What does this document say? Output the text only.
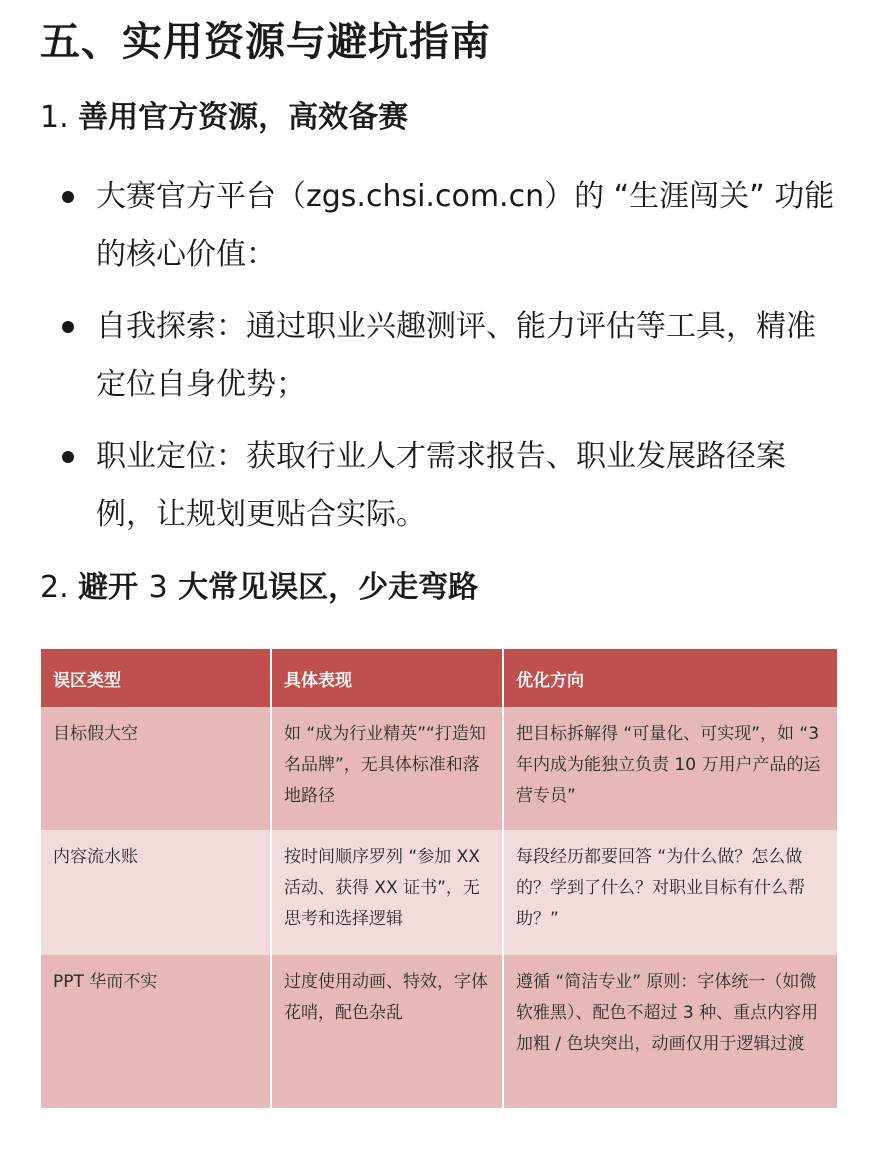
五、实用资源与避坑指南
1. 善用官方资源，高效备赛
大赛官方平台（zgs.chsi.com.cn）的 “生涯闯关” 功能的核心价值：
自我探索：通过职业兴趣测评、能力评估等工具，精准定位自身优势；
职业定位：获取行业人才需求报告、职业发展路径案例，让规划更贴合实际。
2. 避开 3 大常见误区，少走弯路
误区类型	具体表现	优化方向
目标假大空	如 “成为行业精英”“打造知名品牌”，无具体标准和落地路径	把目标拆解得 “可量化、可实现”，如 “3 年内成为能独立负责 10 万用户产品的运营专员”
内容流水账	按时间顺序罗列 “参加 XX 活动、获得 XX 证书”，无思考和选择逻辑	每段经历都要回答 “为什么做？怎么做的？学到了什么？对职业目标有什么帮助？”
PPT 华而不实	过度使用动画、特效，字体花哨，配色杂乱	遵循 “简洁专业” 原则：字体统一（如微软雅黑）、配色不超过 3 种、重点内容用加粗 / 色块突出，动画仅用于逻辑过渡
